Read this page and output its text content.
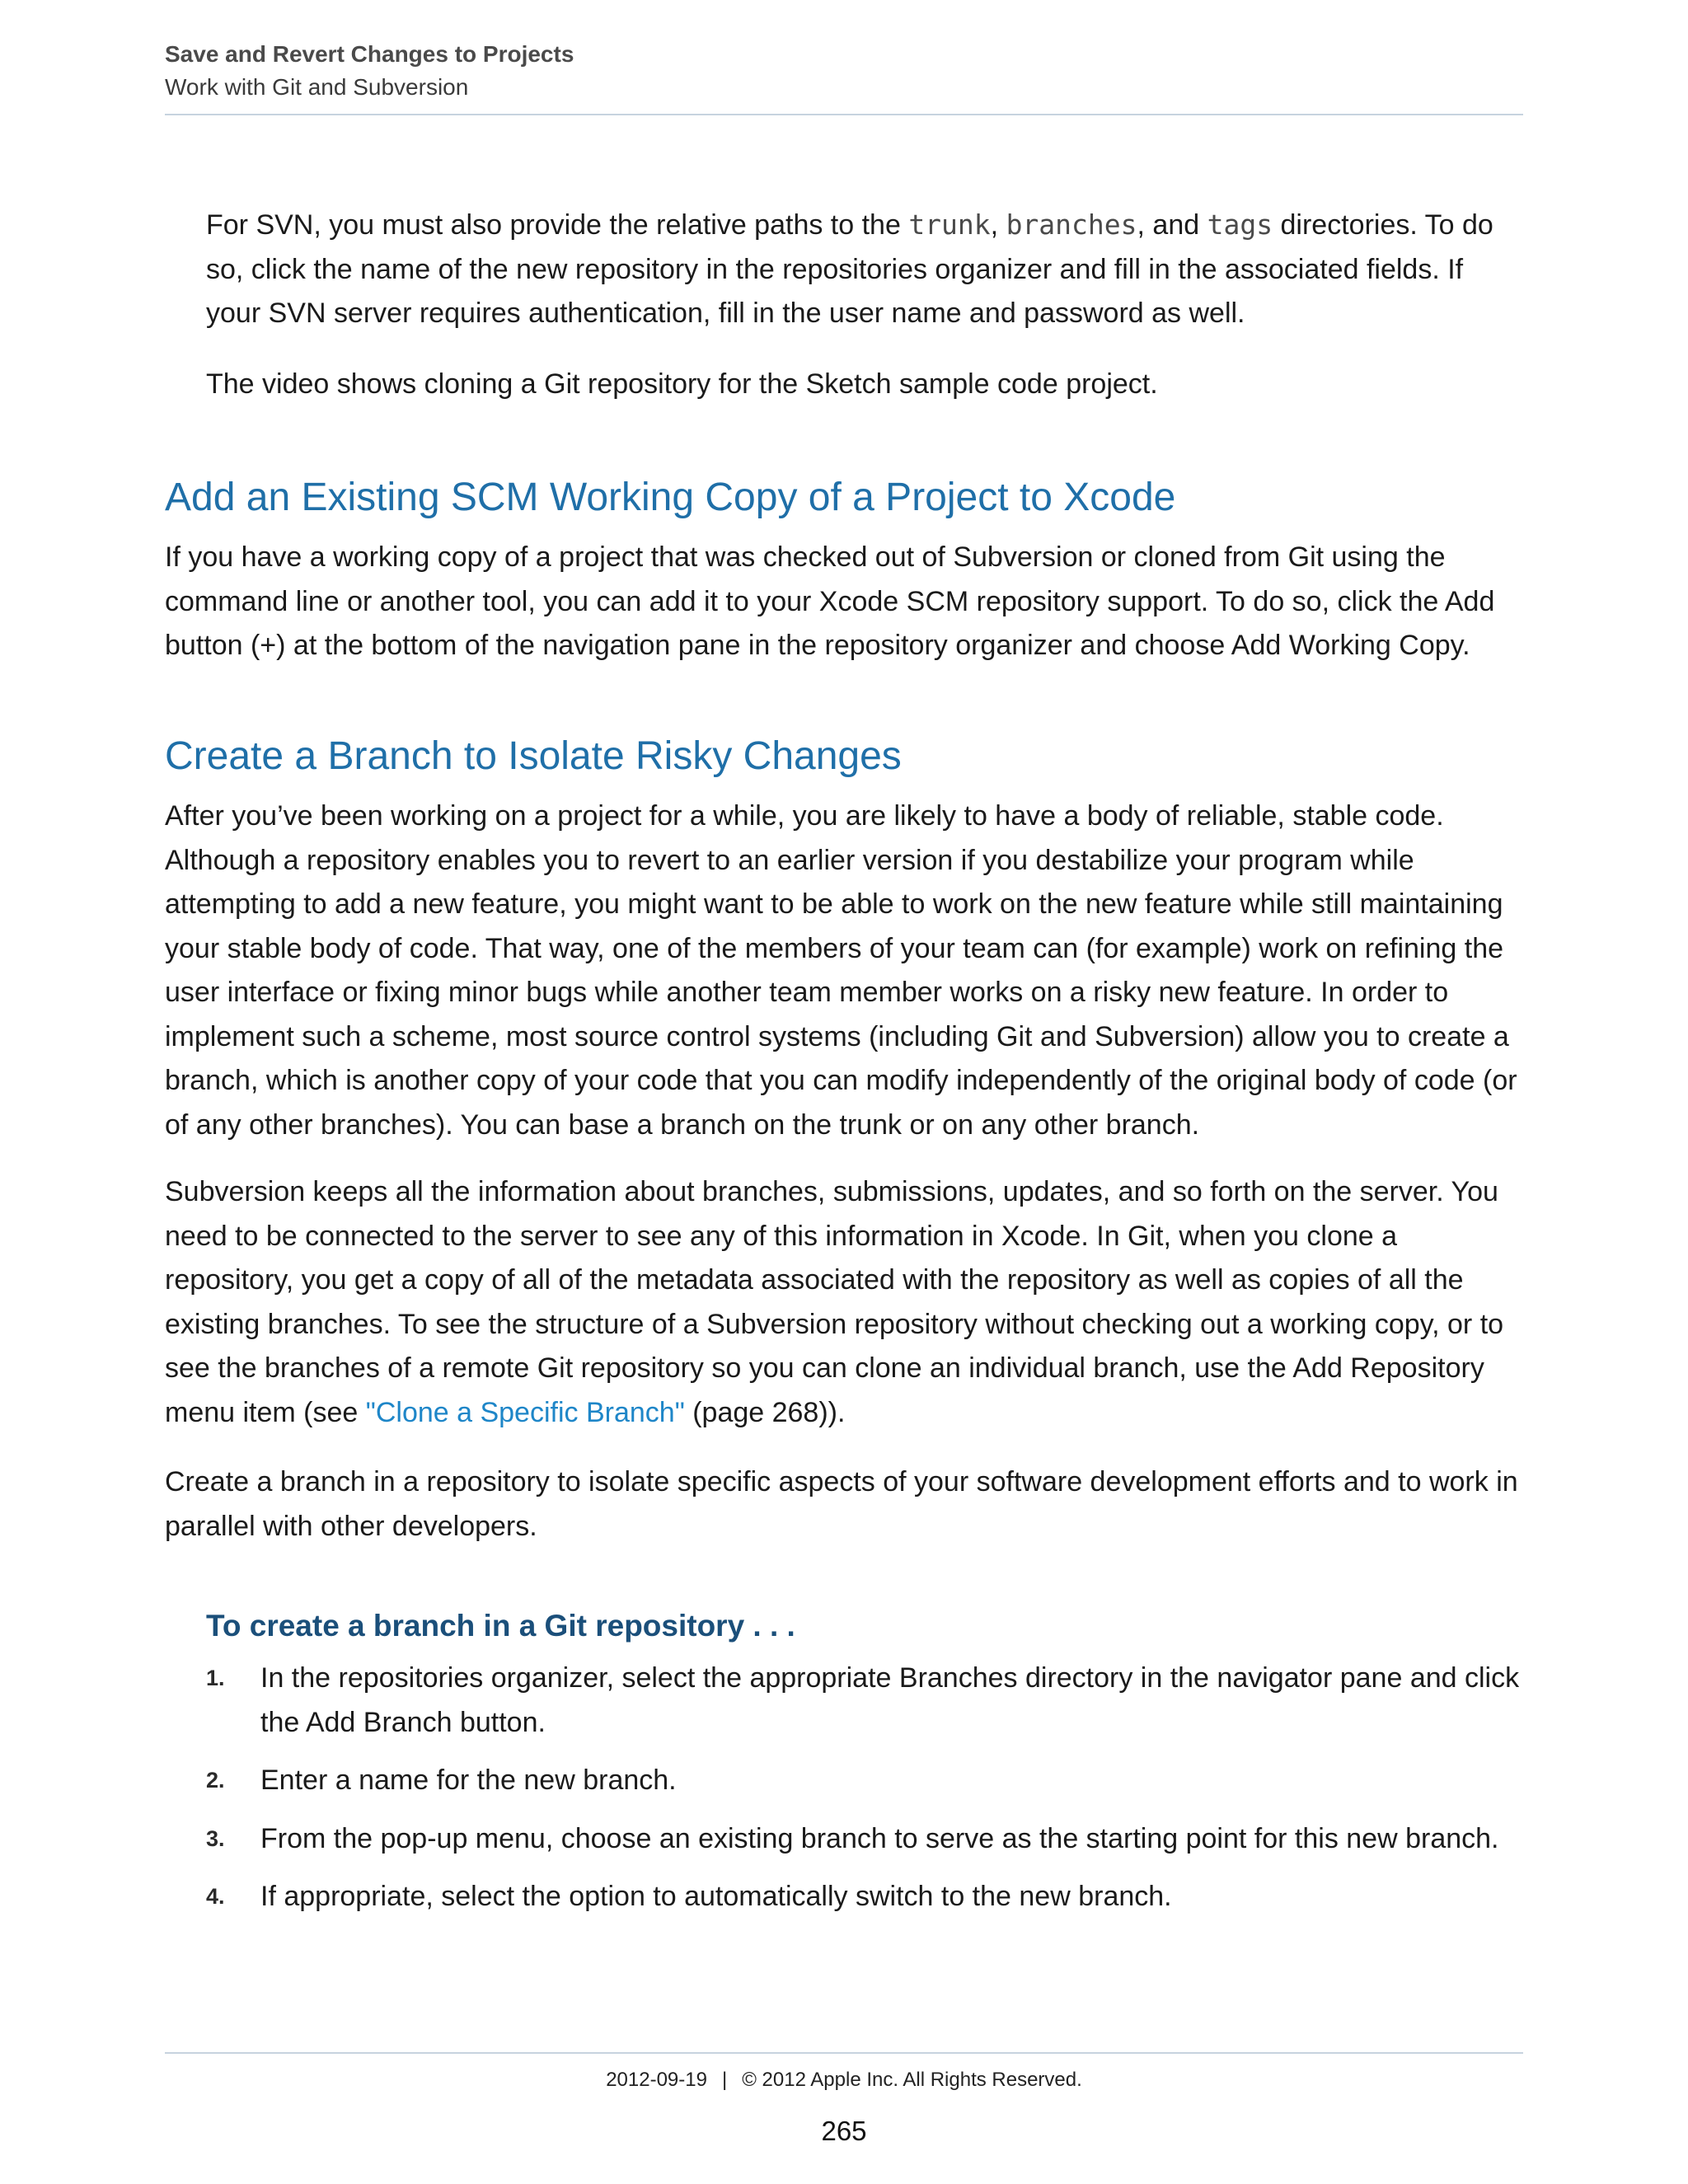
Save and Revert Changes to Projects
Work with Git and Subversion

For SVN, you must also provide the relative paths to the trunk, branches, and tags directories. To do so, click the name of the new repository in the repositories organizer and fill in the associated fields. If your SVN server requires authentication, fill in the user name and password as well.

The video shows cloning a Git repository for the Sketch sample code project.

Add an Existing SCM Working Copy of a Project to Xcode

If you have a working copy of a project that was checked out of Subversion or cloned from Git using the command line or another tool, you can add it to your Xcode SCM repository support. To do so, click the Add button (+) at the bottom of the navigation pane in the repository organizer and choose Add Working Copy.

Create a Branch to Isolate Risky Changes

After you’ve been working on a project for a while, you are likely to have a body of reliable, stable code. Although a repository enables you to revert to an earlier version if you destabilize your program while attempting to add a new feature, you might want to be able to work on the new feature while still maintaining your stable body of code. That way, one of the members of your team can (for example) work on refining the user interface or fixing minor bugs while another team member works on a risky new feature. In order to implement such a scheme, most source control systems (including Git and Subversion) allow you to create a branch, which is another copy of your code that you can modify independently of the original body of code (or of any other branches). You can base a branch on the trunk or on any other branch.

Subversion keeps all the information about branches, submissions, updates, and so forth on the server. You need to be connected to the server to see any of this information in Xcode. In Git, when you clone a repository, you get a copy of all of the metadata associated with the repository as well as copies of all the existing branches. To see the structure of a Subversion repository without checking out a working copy, or to see the branches of a remote Git repository so you can clone an individual branch, use the Add Repository menu item (see "Clone a Specific Branch" (page 268)).

Create a branch in a repository to isolate specific aspects of your software development efforts and to work in parallel with other developers.

To create a branch in a Git repository . . .
1. In the repositories organizer, select the appropriate Branches directory in the navigator pane and click the Add Branch button.
2. Enter a name for the new branch.
3. From the pop-up menu, choose an existing branch to serve as the starting point for this new branch.
4. If appropriate, select the option to automatically switch to the new branch.
2012-09-19 | © 2012 Apple Inc. All Rights Reserved.
265
